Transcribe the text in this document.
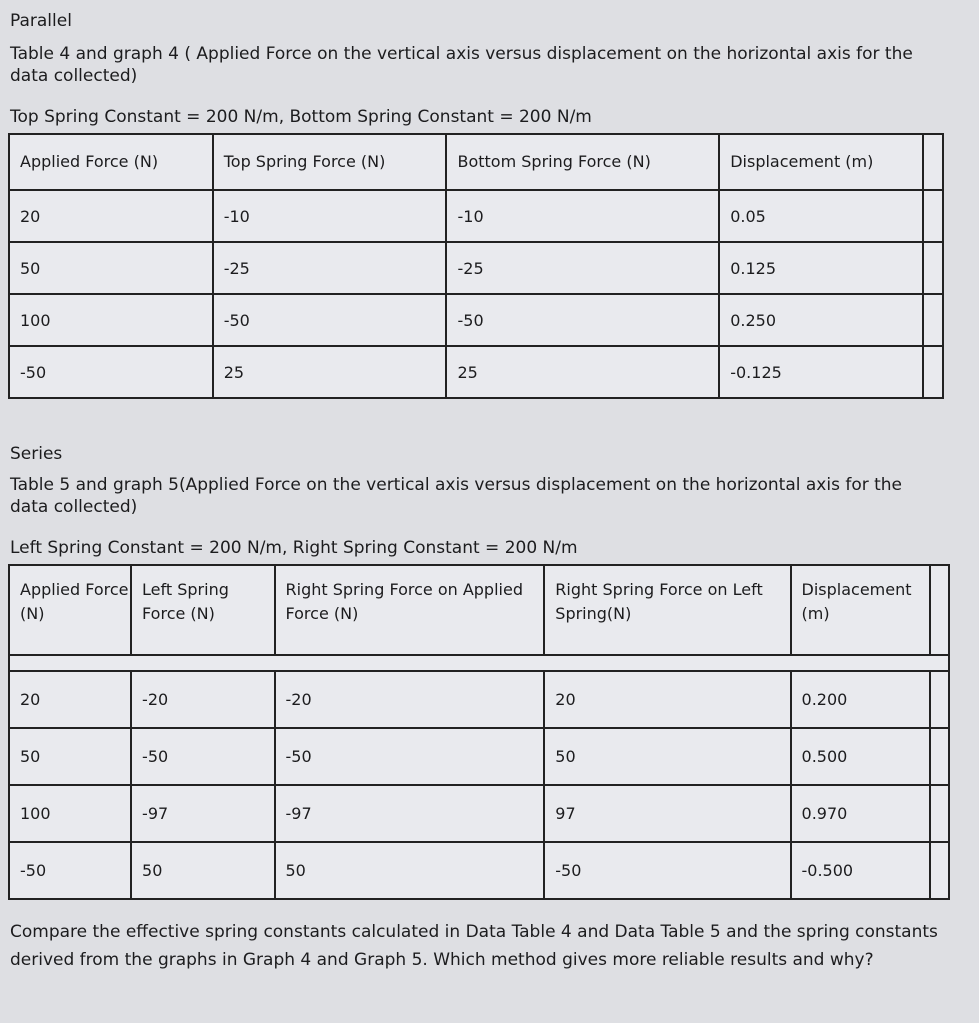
Parallel
Table 4 and graph 4 ( Applied Force on the vertical axis versus displacement on the horizontal axis for the data collected)
Top Spring Constant = 200 N/m, Bottom Spring Constant = 200 N/m
Applied Force (N)	Top Spring Force (N)	Bottom Spring Force (N)	Displacement (m)	
20	-10	-10	0.05	
50	-25	-25	0.125	
100	-50	-50	0.250	
-50	25	25	-0.125	
Series
Table 5 and graph 5(Applied Force on the vertical axis versus displacement on the horizontal axis for the data collected)
Left Spring Constant = 200 N/m, Right Spring Constant = 200 N/m
Applied Force (N)	Left Spring Force (N)	Right Spring Force on Applied Force (N)	Right Spring Force on Left Spring(N)	Displacement (m)	

20	-20	-20	20	0.200	
50	-50	-50	50	0.500	
100	-97	-97	97	0.970	
-50	50	50	-50	-0.500	
Compare the effective spring constants calculated in Data Table 4 and Data Table 5 and the spring constants derived from the graphs in Graph 4 and Graph 5. Which method gives more reliable results and why?
